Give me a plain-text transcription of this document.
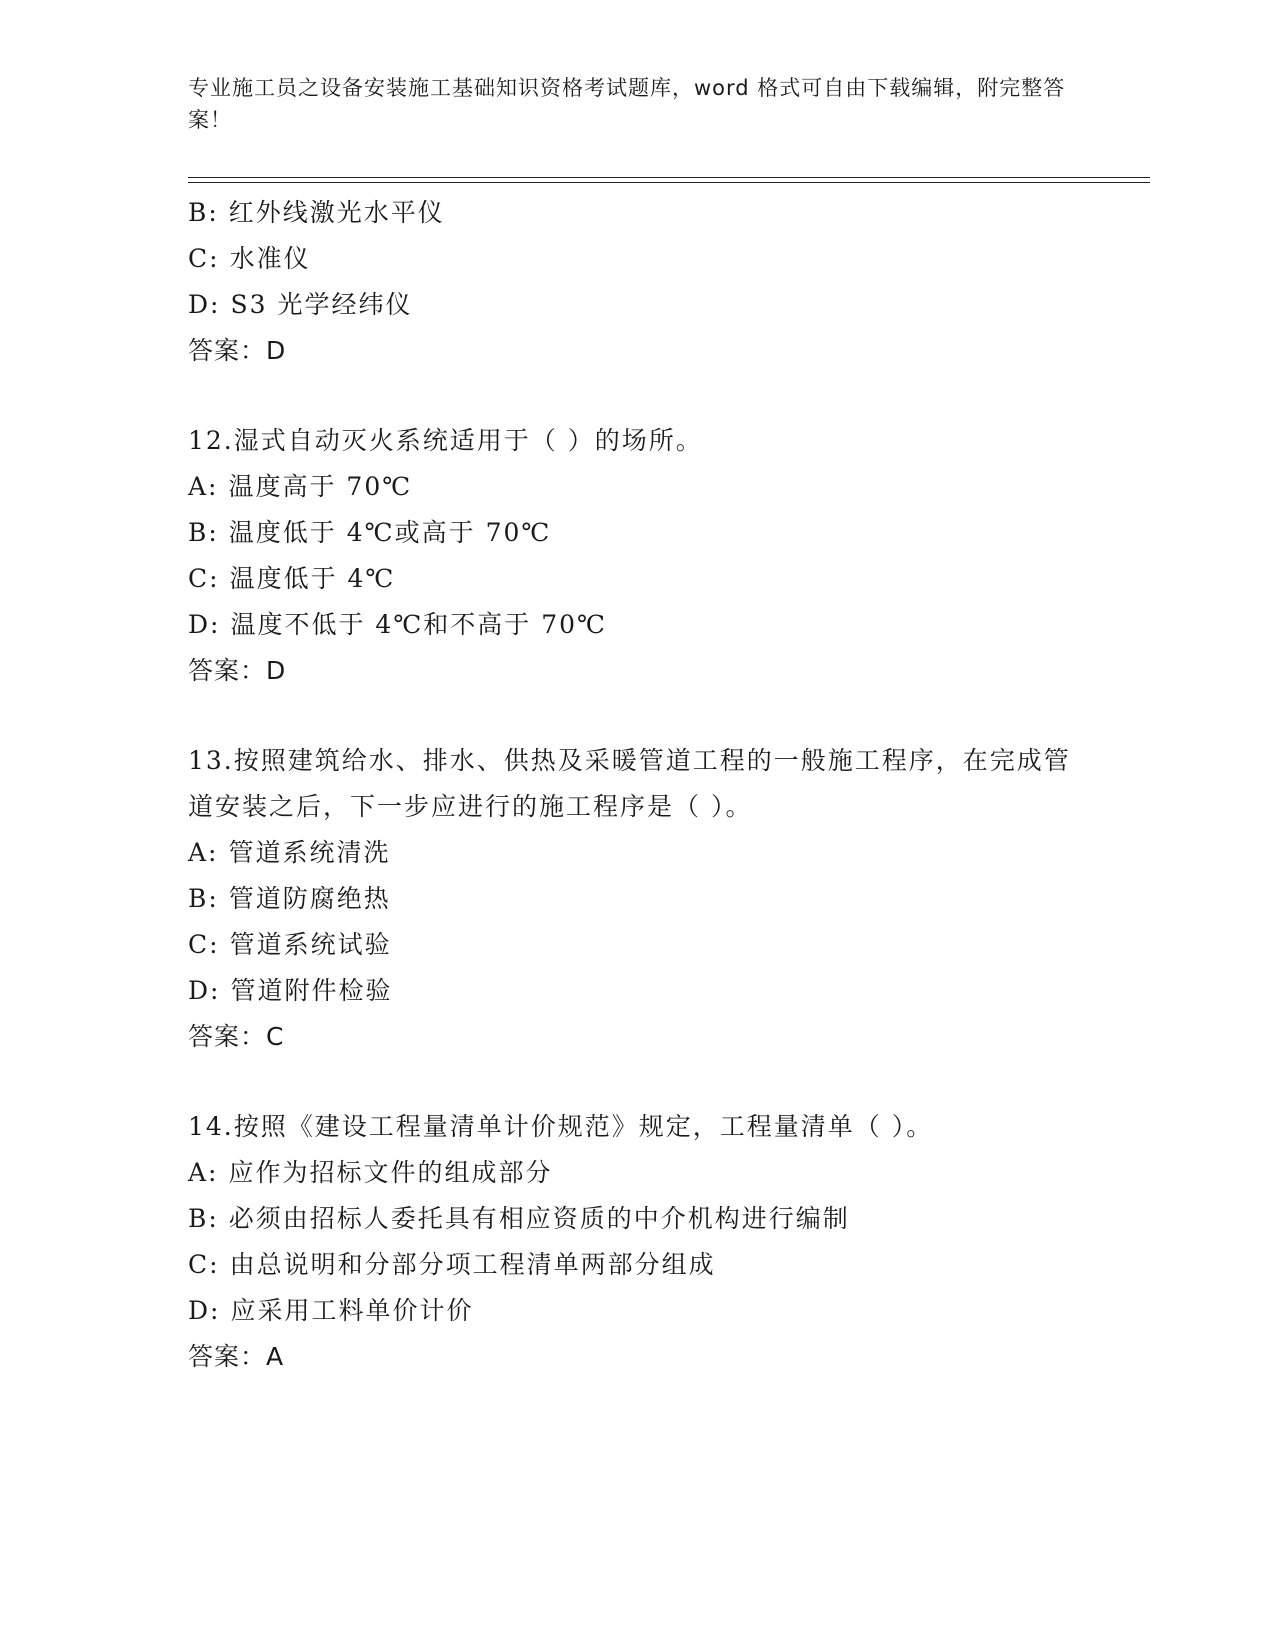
专业施工员之设备安装施工基础知识资格考试题库，word 格式可自由下载编辑，附完整答案！
B: 红外线激光水平仪
C: 水准仪
D: S3 光学经纬仪
答案：D
12.湿式自动灭火系统适用于（ ）的场所。
A: 温度高于 70℃
B: 温度低于 4℃或高于 70℃
C: 温度低于 4℃
D: 温度不低于 4℃和不高于 70℃
答案：D
13.按照建筑给水、排水、供热及采暖管道工程的一般施工程序，在完成管道安装之后，下一步应进行的施工程序是（ ）。
A: 管道系统清洗
B: 管道防腐绝热
C: 管道系统试验
D: 管道附件检验
答案：C
14.按照《建设工程量清单计价规范》规定，工程量清单（ ）。
A: 应作为招标文件的组成部分
B: 必须由招标人委托具有相应资质的中介机构进行编制
C: 由总说明和分部分项工程清单两部分组成
D: 应采用工料单价计价
答案：A
